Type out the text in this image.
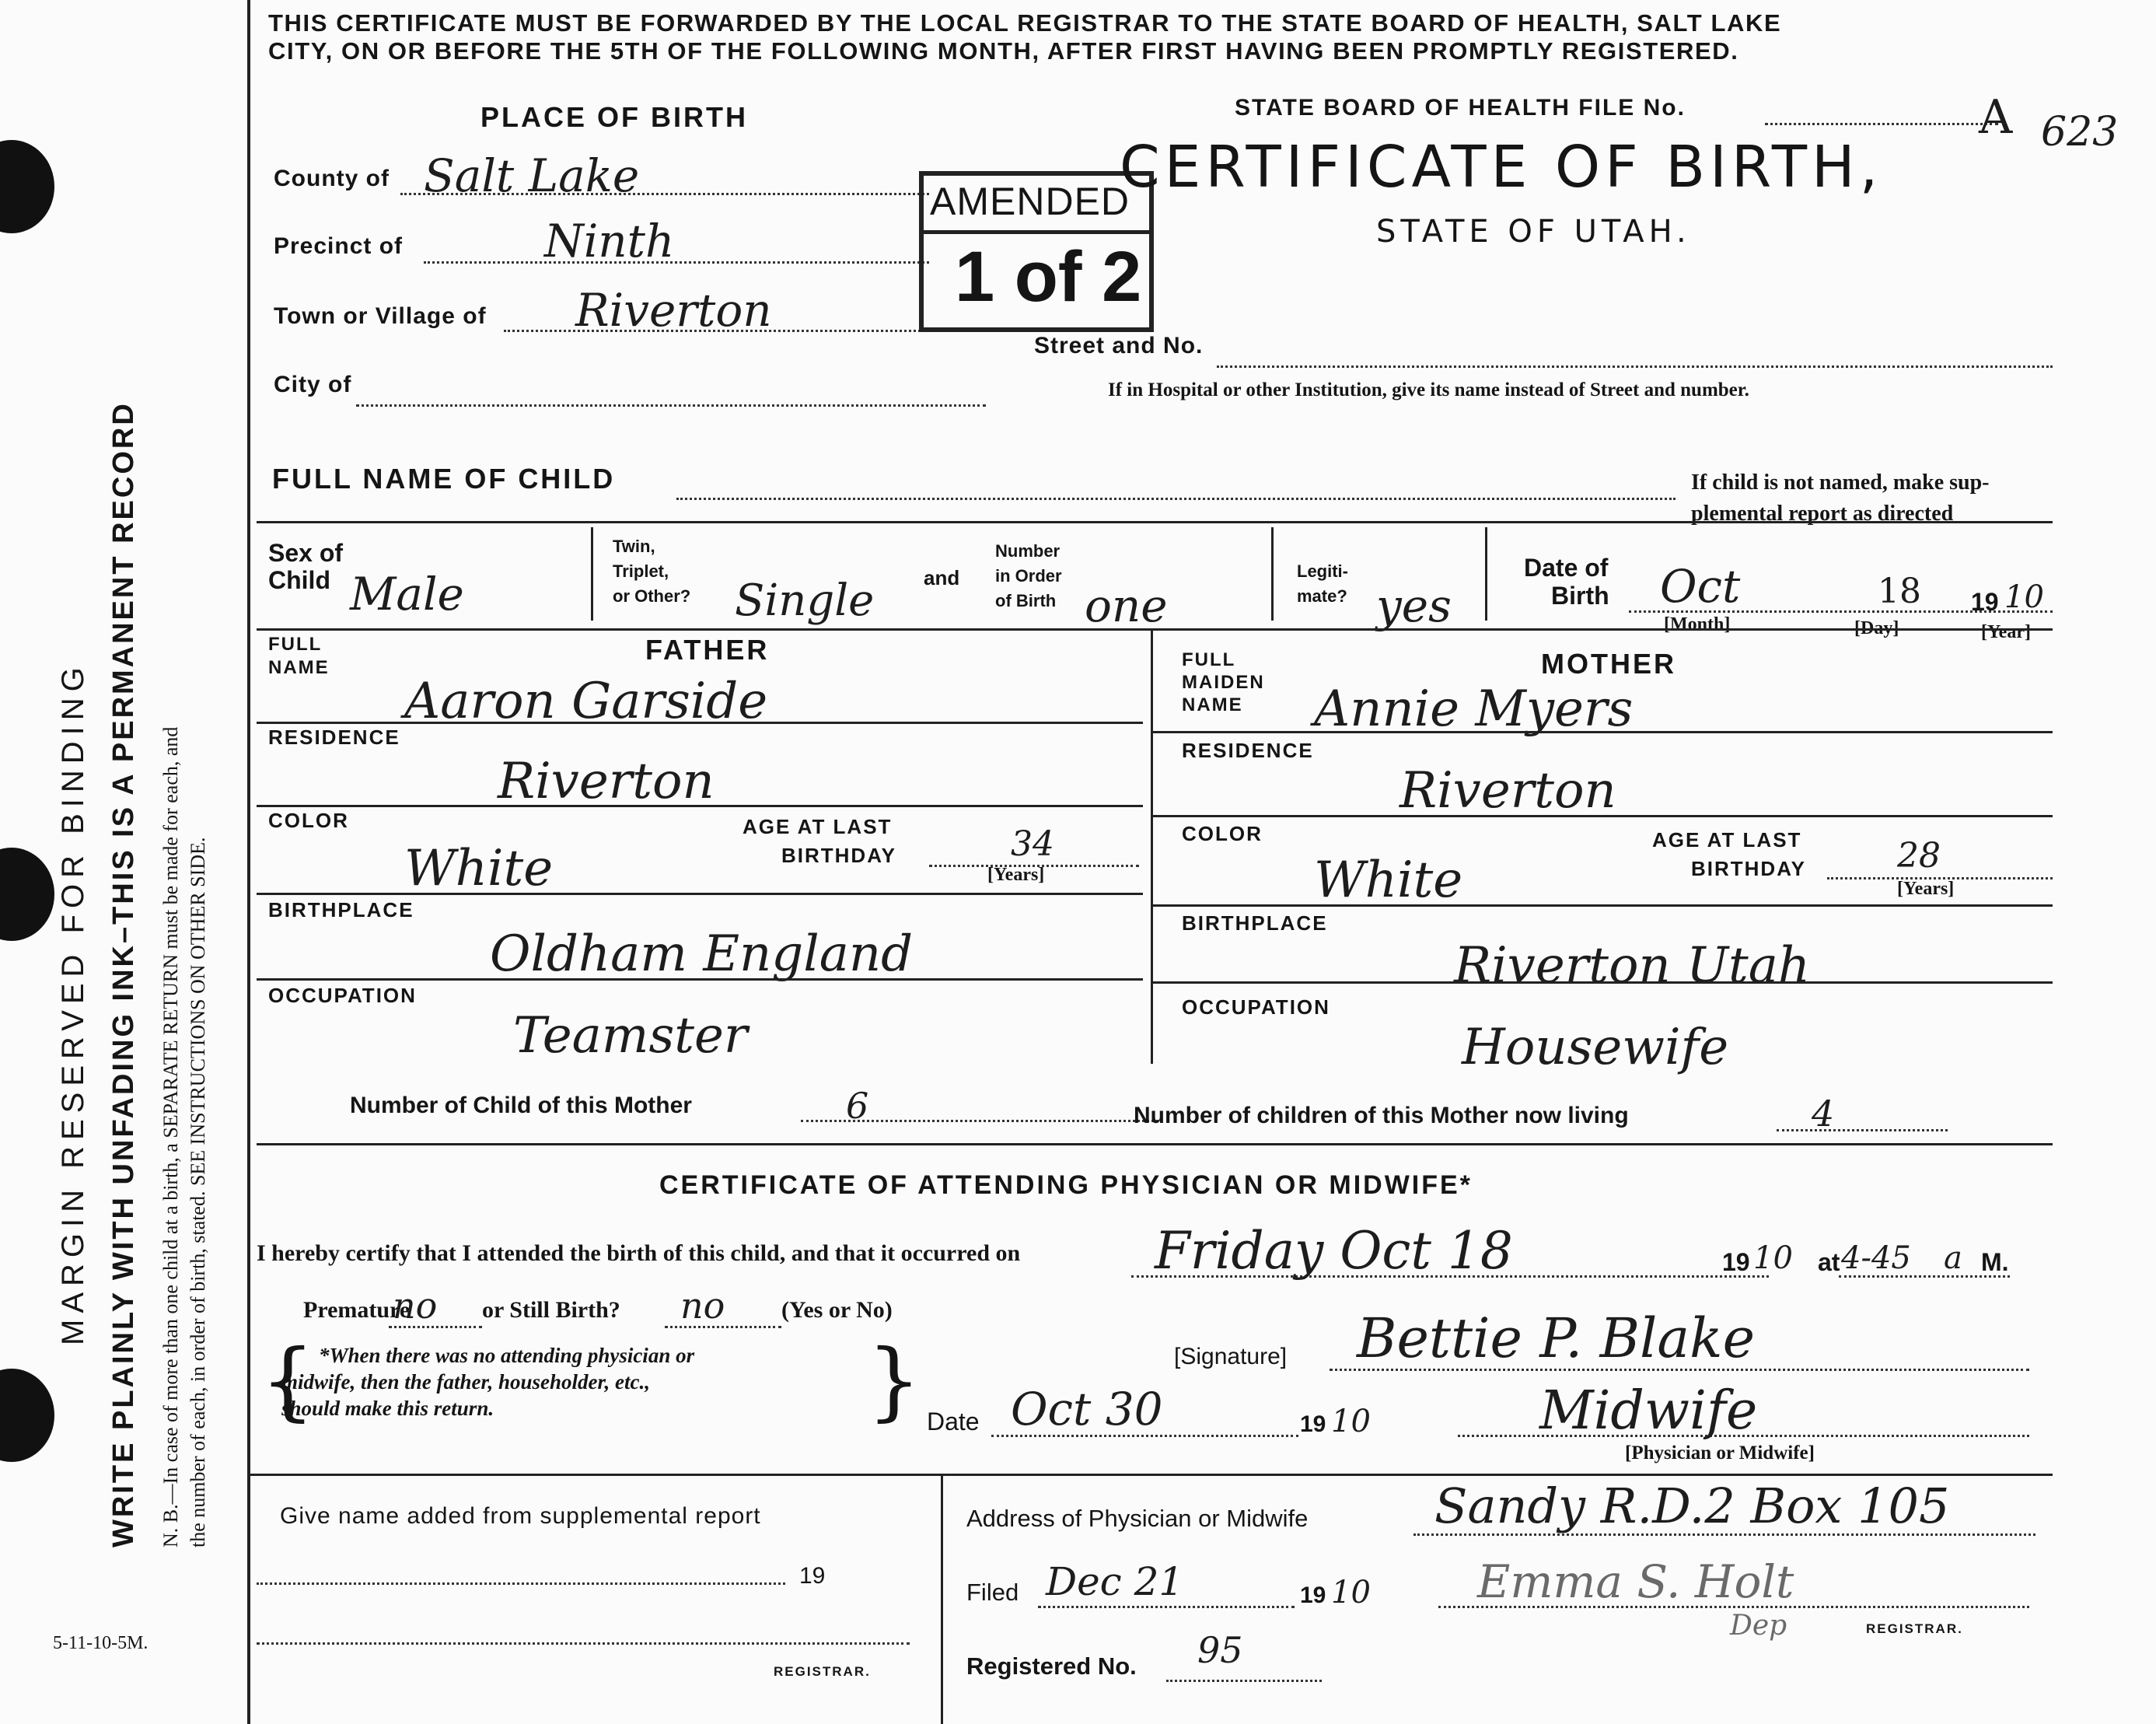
MARGIN RESERVED FOR BINDING WRITE PLAINLY WITH UNFADING INK–THIS IS A PERMANENT RECORD N. B.—In case of more than one child at a birth, a SEPARATE RETURN must be made for each, and the number of each, in order of birth, stated. SEE INSTRUCTIONS ON OTHER SIDE.
5-11-10-5M.
THIS CERTIFICATE MUST BE FORWARDED BY THE LOCAL REGISTRAR TO THE STATE BOARD OF HEALTH, SALT LAKE
CITY, ON OR BEFORE THE 5TH OF THE FOLLOWING MONTH, AFTER FIRST HAVING BEEN PROMPTLY REGISTERED.
PLACE OF BIRTH
County of Salt Lake
Precinct of	Ninth
Town or Village of Riverton
City of
AMENDED
1 of 2
STATE BOARD OF HEALTH FILE No.	A 623
CERTIFICATE OF BIRTH,
STATE OF UTAH.
Street and No.
If in Hospital or other Institution, give its name instead of Street and number.
FULL NAME OF CHILD	If child is not named, make sup-
plemental report as directed
Sex of
Child Male
Twin,
Triplet,
or Other? Single and
Number
in Order
of Birth one
Legiti-
mate? yes
Date of
Birth Oct	18 19 10
[Month]	[Day]	[Year]
FULL
NAME
FATHER
Aaron Garside
RESIDENCE
Riverton
COLOR
White
AGE AT LAST
BIRTHDAY	34
[Years]
BIRTHPLACE
Oldham England
OCCUPATION
Teamster
FULL
MAIDEN
NAME
MOTHER
Annie Myers
RESIDENCE
Riverton
COLOR
White
AGE AT LAST
BIRTHDAY	28
[Years]
BIRTHPLACE
Riverton Utah
OCCUPATION
Housewife
Number of Child of this Mother	6	Number of children of this Mother now living	4
CERTIFICATE OF ATTENDING PHYSICIAN OR MIDWIFE*
I hereby certify that I attended the birth of this child, and that it occurred on	Friday Oct 18	19 10 at 4-45 a M.
Premature
no or Still Birth? no (Yes or No)
{ *When there was no attending physician or
midwife, then the father, householder, etc.,
should make this return.	}	[Signature] Bettie P. Blake
Date Oct 30	19 10	Midwife
[Physician or Midwife]
Give name added from supplemental report
19
REGISTRAR.
Address of Physician or Midwife	Sandy R.D.2 Box 105
Filed Dec 21	19 10 Emma S. Holt
Dep	REGISTRAR.
Registered No. 95
